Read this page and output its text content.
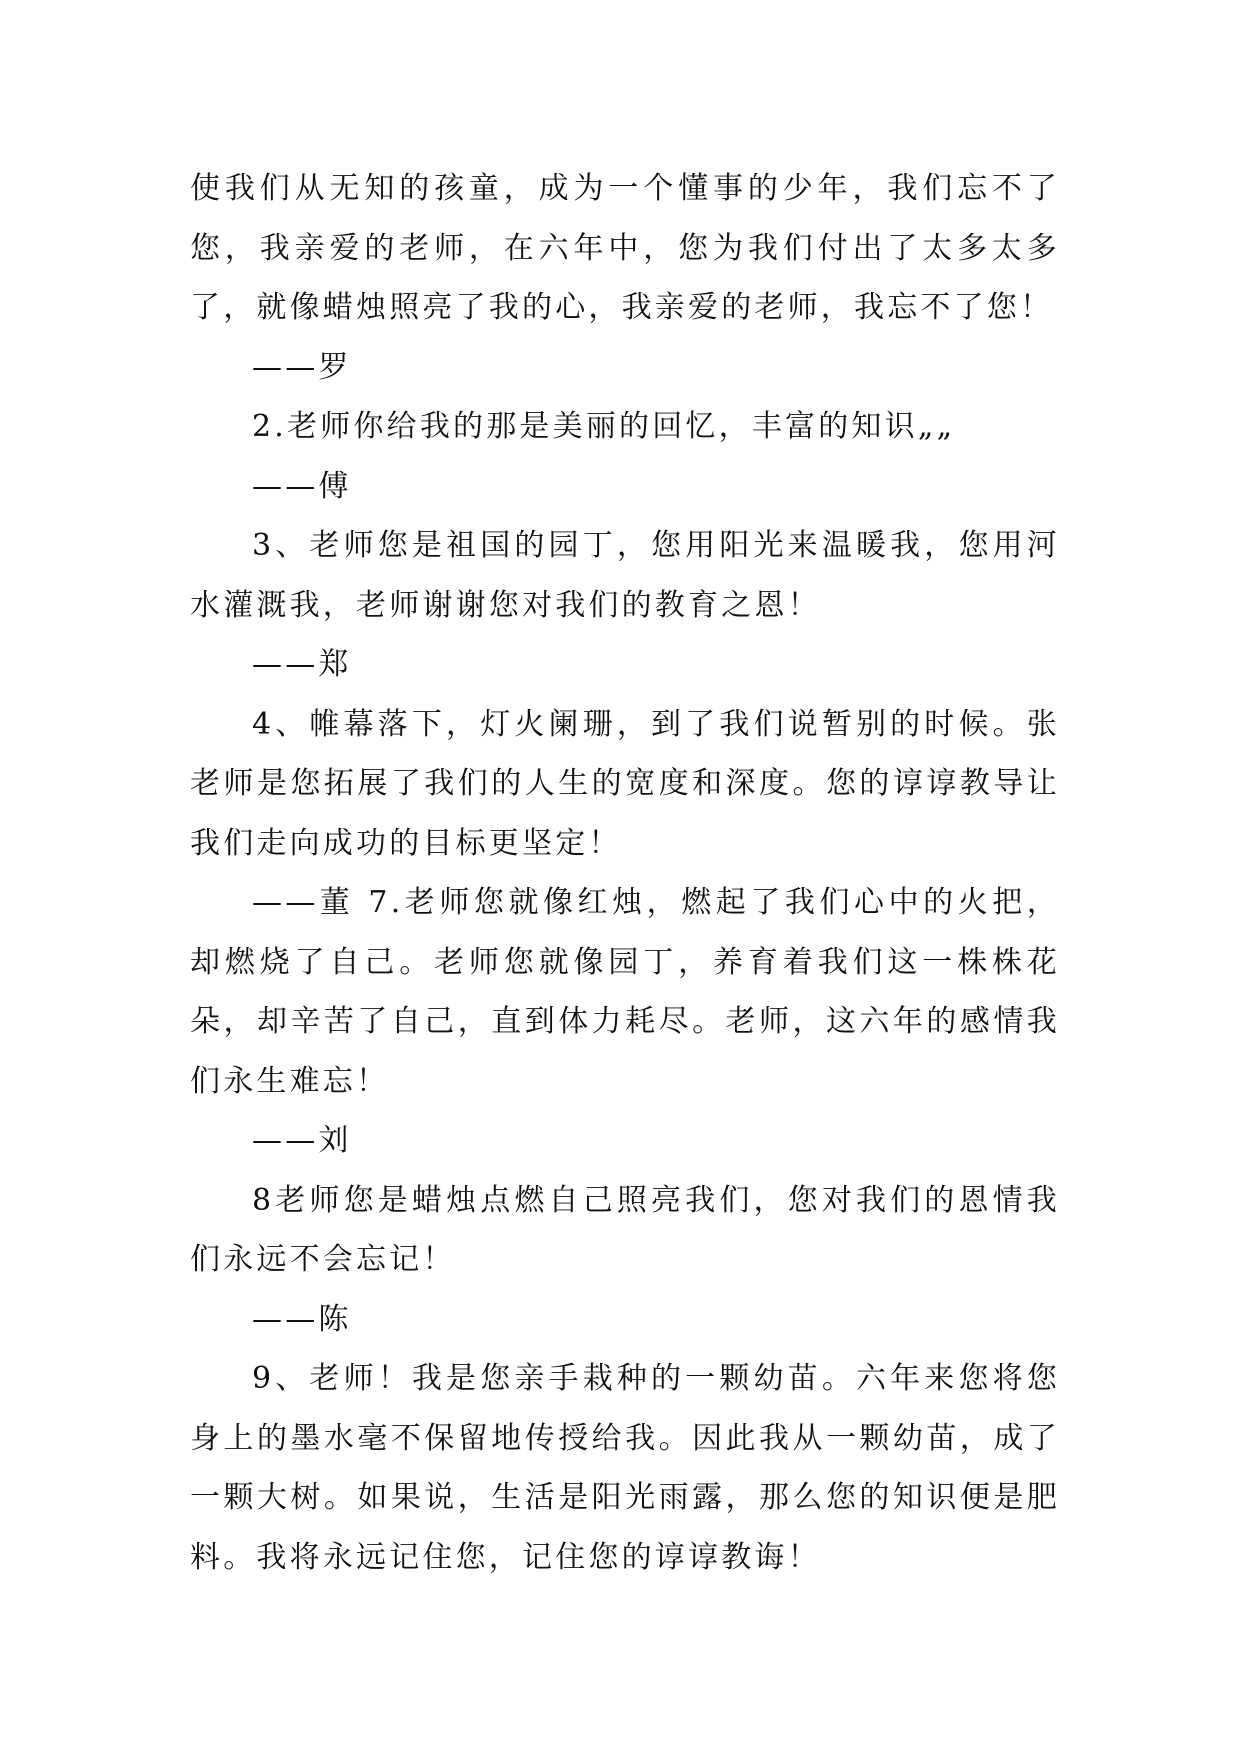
使我们从无知的孩童，成为一个懂事的少年，我们忘不了您，我亲爱的老师，在六年中，您为我们付出了太多太多了，就像蜡烛照亮了我的心，我亲爱的老师，我忘不了您！

——罗

2.老师你给我的那是美丽的回忆，丰富的知识„„

——傅

3、老师您是祖国的园丁，您用阳光来温暖我，您用河水灌溉我，老师谢谢您对我们的教育之恩！

——郑

4、帷幕落下，灯火阑珊，到了我们说暂别的时候。张老师是您拓展了我们的人生的宽度和深度。您的谆谆教导让我们走向成功的目标更坚定！

——董 7.老师您就像红烛，燃起了我们心中的火把，却燃烧了自己。老师您就像园丁，养育着我们这一株株花朵，却辛苦了自己，直到体力耗尽。老师，这六年的感情我们永生难忘！

——刘

8老师您是蜡烛点燃自己照亮我们，您对我们的恩情我们永远不会忘记！

——陈

9、老师！我是您亲手栽种的一颗幼苗。六年来您将您身上的墨水毫不保留地传授给我。因此我从一颗幼苗，成了一颗大树。如果说，生活是阳光雨露，那么您的知识便是肥料。我将永远记住您，记住您的谆谆教诲！
